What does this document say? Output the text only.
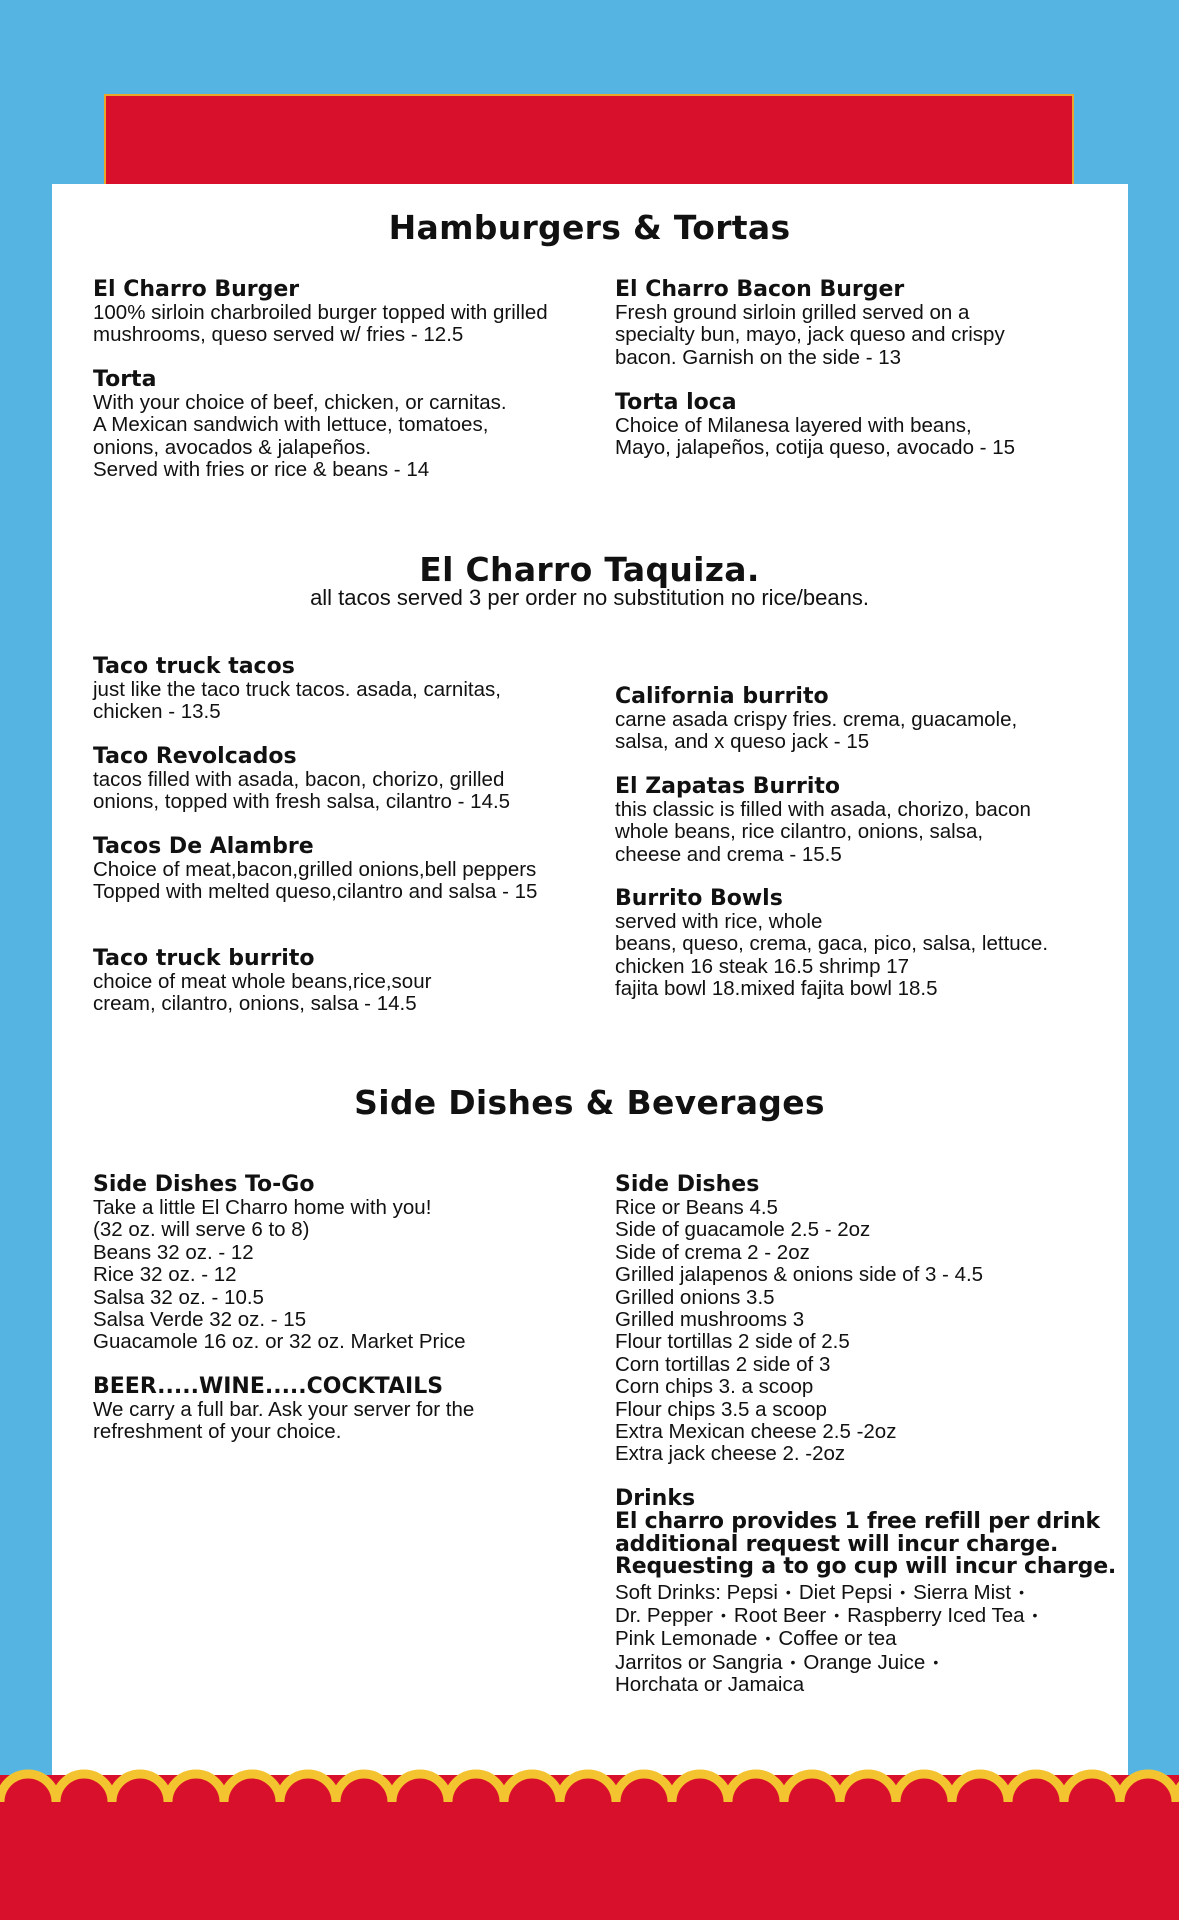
Hamburgers & Tortas
El Charro Burger
100% sirloin charbroiled burger topped with grilled
mushrooms, queso served w/ fries - 12.5
Torta
With your choice of beef, chicken, or carnitas.
A Mexican sandwich with lettuce, tomatoes,
onions, avocados & jalapeños.
Served with fries or rice & beans - 14
El Charro Bacon Burger
Fresh ground sirloin grilled served on a
specialty bun, mayo, jack queso and crispy
bacon. Garnish on the side - 13
Torta loca
Choice of Milanesa layered with beans,
Mayo, jalapeños, cotija queso, avocado - 15
El Charro Taquiza.
all tacos served 3 per order no substitution no rice/beans.
Taco truck tacos
just like the taco truck tacos. asada, carnitas,
chicken - 13.5
Taco Revolcados
tacos filled with asada, bacon, chorizo, grilled
onions, topped with fresh salsa, cilantro - 14.5
Tacos De Alambre
Choice of meat,bacon,grilled onions,bell peppers
Topped with melted queso,cilantro and salsa - 15
Taco truck burrito
choice of meat whole beans,rice,sour
cream, cilantro, onions, salsa - 14.5
California burrito
carne asada crispy fries. crema, guacamole,
salsa, and x queso jack - 15
El Zapatas Burrito
this classic is filled with asada, chorizo, bacon
whole beans, rice cilantro, onions, salsa,
cheese and crema - 15.5
Burrito Bowls
served with rice, whole
beans, queso, crema, gaca, pico, salsa, lettuce.
chicken 16 steak 16.5 shrimp 17
fajita bowl 18.mixed fajita bowl 18.5
Side Dishes & Beverages
Side Dishes To-Go
Take a little El Charro home with you!
(32 oz. will serve 6 to 8)
Beans 32 oz. - 12
Rice 32 oz. - 12
Salsa 32 oz. - 10.5
Salsa Verde 32 oz. - 15
Guacamole 16 oz. or 32 oz. Market Price
BEER.....WINE.....COCKTAILS
We carry a full bar. Ask your server for the
refreshment of your choice.
Side Dishes
Rice or Beans 4.5
Side of guacamole 2.5 - 2oz
Side of crema 2 - 2oz
Grilled jalapenos & onions side of 3 - 4.5
Grilled onions 3.5
Grilled mushrooms 3
Flour tortillas 2 side of 2.5
Corn tortillas 2 side of 3
Corn chips 3. a scoop
Flour chips 3.5 a scoop
Extra Mexican cheese 2.5 -2oz
Extra jack cheese 2. -2oz
Drinks
El charro provides 1 free refill per drink
additional request will incur charge.
Requesting a to go cup will incur charge.
Soft Drinks: Pepsi • Diet Pepsi • Sierra Mist •
Dr. Pepper • Root Beer • Raspberry Iced Tea •
Pink Lemonade • Coffee or tea
Jarritos or Sangria • Orange Juice •
Horchata or Jamaica
